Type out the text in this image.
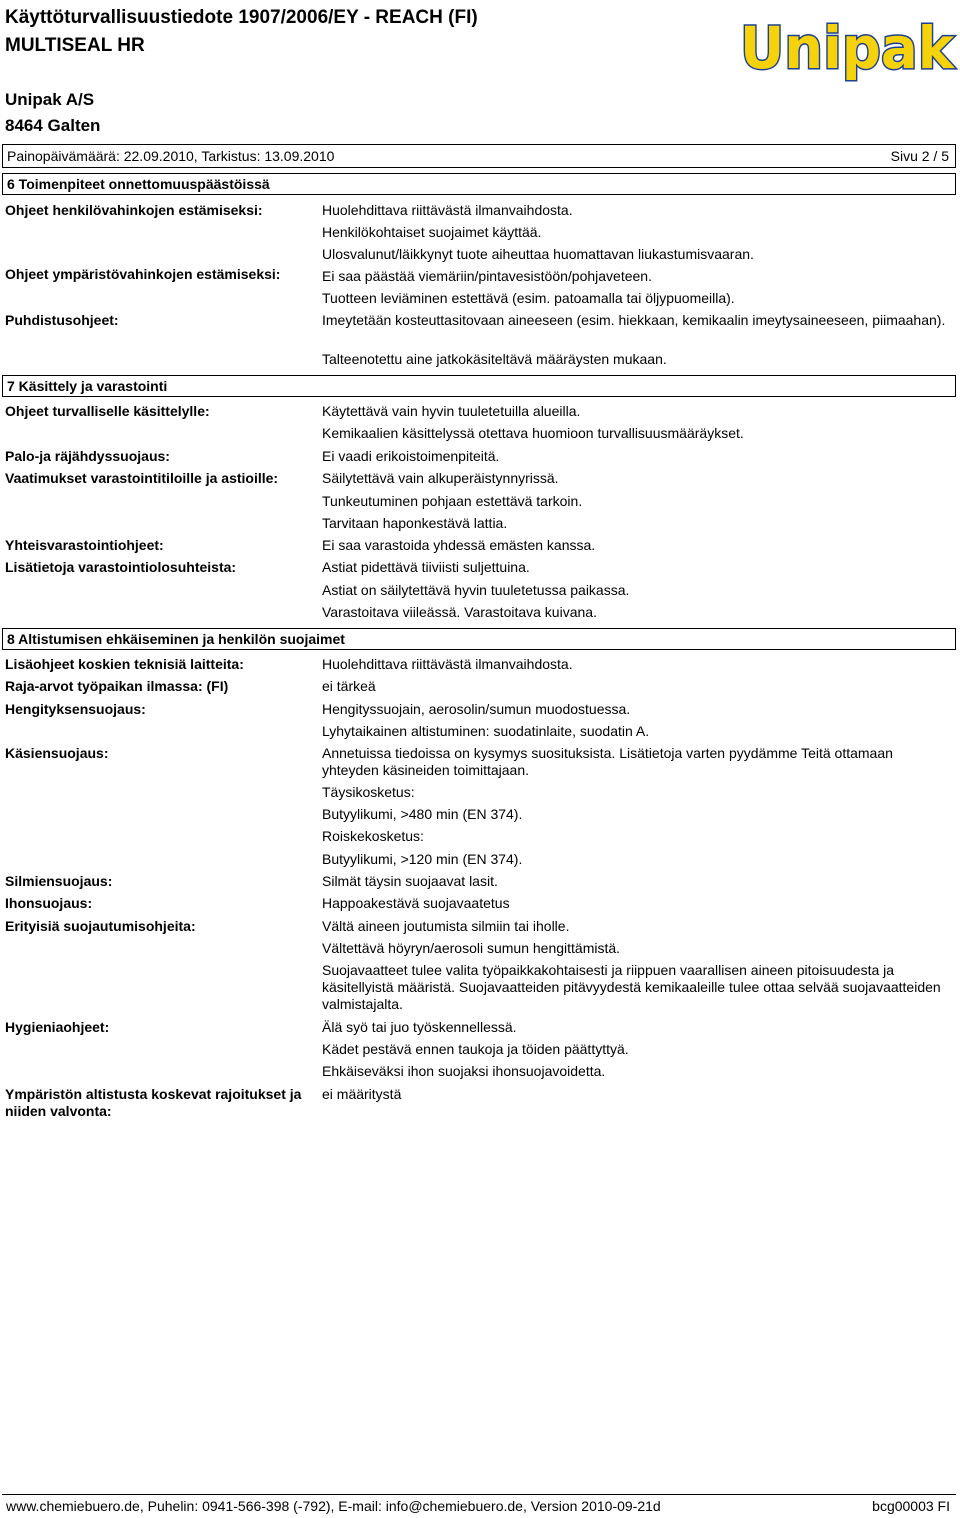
Käyttöturvallisuustiedote 1907/2006/EY - REACH (FI)
MULTISEAL HR
Unipak A/S
8464 Galten
Unipak
Painopäivämäärä: 22.09.2010, Tarkistus: 13.09.2010	Sivu 2 / 5
6 Toimenpiteet onnettomuuspäästöissä
Ohjeet henkilövahinkojen estämiseksi:
Ohjeet ympäristövahinkojen estämiseksi:
Puhdistusohjeet:
Huolehdittava riittävästä ilmanvaihdosta.
Henkilökohtaiset suojaimet käyttää.
Ulosvalunut/läikkynyt tuote aiheuttaa huomattavan liukastumisvaaran.
Ei saa päästää viemäriin/pintavesistöön/pohjaveteen.
Tuotteen leviäminen estettävä (esim. patoamalla tai öljypuomeilla).
Imeytetään kosteuttasitovaan aineeseen (esim. hiekkaan, kemikaalin imeytysaineeseen, piimaahan).
Talteenotettu aine jatkokäsiteltävä määräysten mukaan.
7 Käsittely ja varastointi
Ohjeet turvalliselle käsittelylle:
Palo-ja räjähdyssuojaus:
Vaatimukset varastointitiloille ja astioille:
Yhteisvarastointiohjeet:
Lisätietoja varastointiolosuhteista:
Käytettävä vain hyvin tuuletetuilla alueilla.
Kemikaalien käsittelyssä otettava huomioon turvallisuusmääräykset.
Ei vaadi erikoistoimenpiteitä.
Säilytettävä vain alkuperäistynnyrissä.
Tunkeutuminen pohjaan estettävä tarkoin.
Tarvitaan haponkestävä lattia.
Ei saa varastoida yhdessä emästen kanssa.
Astiat pidettävä tiiviisti suljettuina.
Astiat on säilytettävä hyvin tuuletetussa paikassa.
Varastoitava viileässä. Varastoitava kuivana.
8 Altistumisen ehkäiseminen ja henkilön suojaimet
Lisäohjeet koskien teknisiä laitteita:
Raja-arvot työpaikan ilmassa: (FI)
Hengityksensuojaus:
Käsiensuojaus:
Silmiensuojaus:
Ihonsuojaus:
Erityisiä suojautumisohjeita:
Hygieniaohjeet:
Ympäristön altistusta koskevat rajoitukset ja niiden valvonta:
Huolehdittava riittävästä ilmanvaihdosta.
ei tärkeä
Hengityssuojain, aerosolin/sumun muodostuessa.
Lyhytaikainen altistuminen: suodatinlaite, suodatin A.
Annetuissa tiedoissa on kysymys suosituksista. Lisätietoja varten pyydämme Teitä ottamaan yhteyden käsineiden toimittajaan.
Täysikosketus:
Butyylikumi, >480 min (EN 374).
Roiskekosketus:
Butyylikumi, >120 min (EN 374).
Silmät täysin suojaavat lasit.
Happoakestävä suojavaatetus
Vältä aineen joutumista silmiin tai iholle.
Vältettävä höyryn/aerosoli sumun hengittämistä.
Suojavaatteet tulee valita työpaikkakohtaisesti ja riippuen vaarallisen aineen pitoisuudesta ja käsitellyistä määristä. Suojavaatteiden pitävyydestä kemikaaleille tulee ottaa selvää suojavaatteiden valmistajalta.
Älä syö tai juo työskennellessä.
Kädet pestävä ennen taukoja ja töiden päättyttyä.
Ehkäiseväksi ihon suojaksi ihonsuojavoidetta.
ei määritystä
www.chemiebuero.de, Puhelin: 0941-566-398 (-792), E-mail: info@chemiebuero.de, Version 2010-09-21d	bcg00003 FI
